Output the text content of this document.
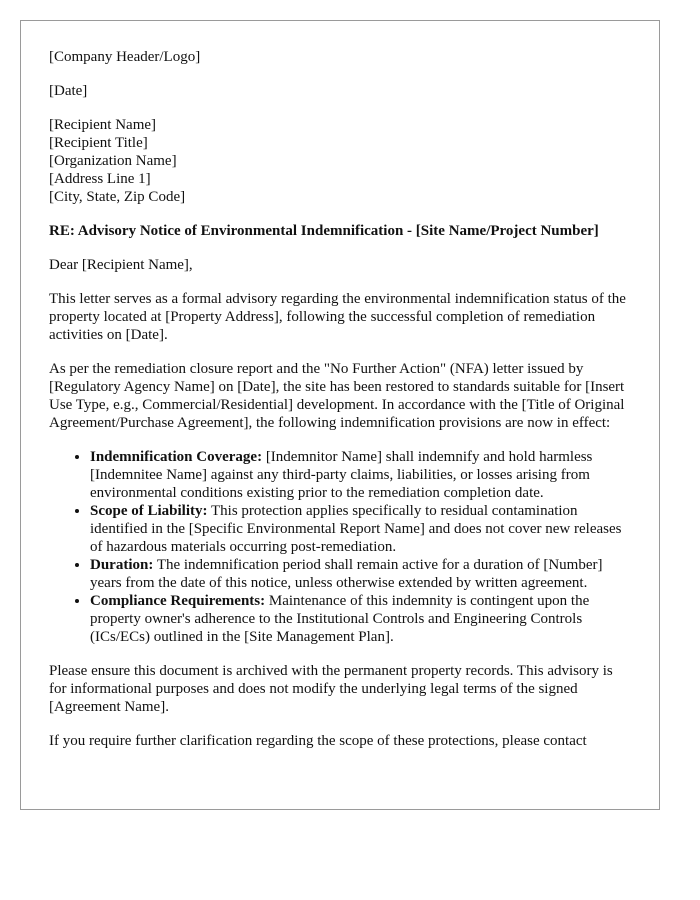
[Company Header/Logo]

[Date]

[Recipient Name]
[Recipient Title]
[Organization Name]
[Address Line 1]
[City, State, Zip Code]

RE: Advisory Notice of Environmental Indemnification - [Site Name/Project Number]

Dear [Recipient Name],

This letter serves as a formal advisory regarding the environmental indemnification status of the property located at [Property Address], following the successful completion of remediation activities on [Date].

As per the remediation closure report and the "No Further Action" (NFA) letter issued by [Regulatory Agency Name] on [Date], the site has been restored to standards suitable for [Insert Use Type, e.g., Commercial/Residential] development. In accordance with the [Title of Original Agreement/Purchase Agreement], the following indemnification provisions are now in effect:

• Indemnification Coverage: [Indemnitor Name] shall indemnify and hold harmless [Indemnitee Name] against any third-party claims, liabilities, or losses arising from environmental conditions existing prior to the remediation completion date.
• Scope of Liability: This protection applies specifically to residual contamination identified in the [Specific Environmental Report Name] and does not cover new releases of hazardous materials occurring post-remediation.
• Duration: The indemnification period shall remain active for a duration of [Number] years from the date of this notice, unless otherwise extended by written agreement.
• Compliance Requirements: Maintenance of this indemnity is contingent upon the property owner's adherence to the Institutional Controls and Engineering Controls (ICs/ECs) outlined in the [Site Management Plan].

Please ensure this document is archived with the permanent property records. This advisory is for informational purposes and does not modify the underlying legal terms of the signed [Agreement Name].

If you require further clarification regarding the scope of these protections, please contact
